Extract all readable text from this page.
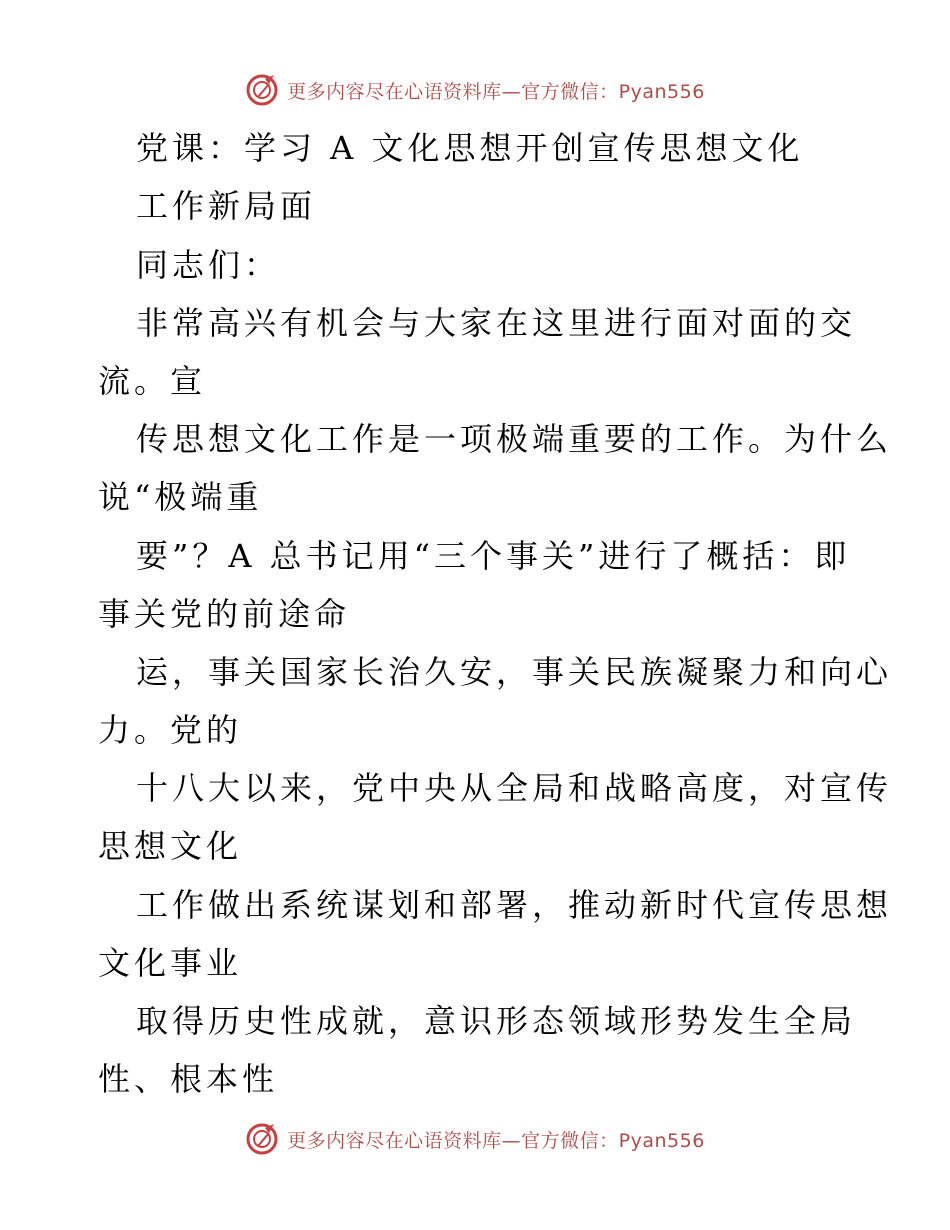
更多内容尽在心语资料库—官方微信：Pyan556
党课：学习 A 文化思想开创宣传思想文化
工作新局面
同志们：
非常高兴有机会与大家在这里进行面对面的交
流。宣
传思想文化工作是一项极端重要的工作。为什么
说“极端重
要”？A 总书记用“三个事关”进行了概括：即
事关党的前途命
运，事关国家长治久安，事关民族凝聚力和向心
力。党的
十八大以来，党中央从全局和战略高度，对宣传
思想文化
工作做出系统谋划和部署，推动新时代宣传思想
文化事业
取得历史性成就，意识形态领域形势发生全局
性、根本性
更多内容尽在心语资料库—官方微信：Pyan556
